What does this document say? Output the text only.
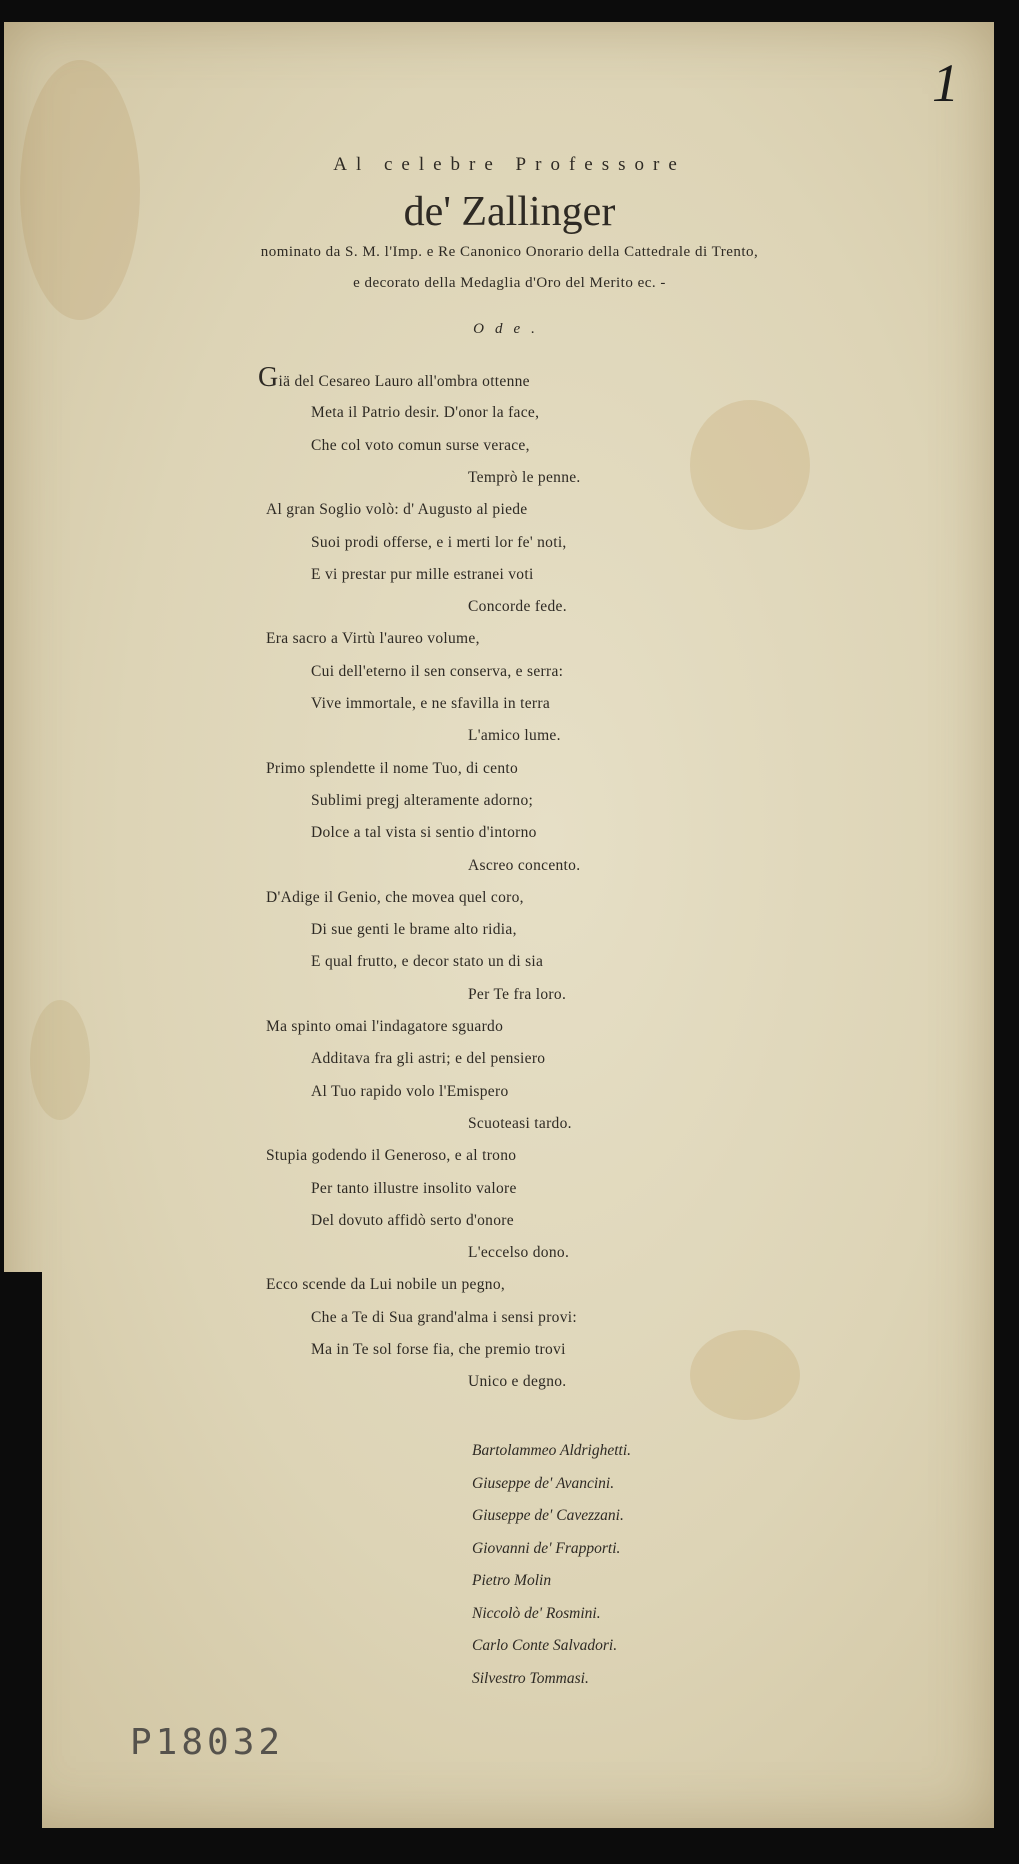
1
Al celebre Professore
de' Zallinger
nominato da S. M. l'Imp. e Re Canonico Onorario della Cattedrale di Trento,
e decorato della Medaglia d'Oro del Merito ec. -
Ode.
Giä del Cesareo Lauro all'ombra ottenne
Meta il Patrio desir. D'onor la face,
Che col voto comun surse verace,
Temprò le penne.
Al gran Soglio volò: d' Augusto al piede
Suoi prodi offerse, e i merti lor fe' noti,
E vi prestar pur mille estranei voti
Concorde fede.
Era sacro a Virtù l'aureo volume,
Cui dell'eterno il sen conserva, e serra:
Vive immortale, e ne sfavilla in terra
L'amico lume.
Primo splendette il nome Tuo, di cento
Sublimi pregj alteramente adorno;
Dolce a tal vista si sentio d'intorno
Ascreo concento.
D'Adige il Genio, che movea quel coro,
Di sue genti le brame alto ridia,
E qual frutto, e decor stato un di sia
Per Te fra loro.
Ma spinto omai l'indagatore sguardo
Additava fra gli astri; e del pensiero
Al Tuo rapido volo l'Emispero
Scuoteasi tardo.
Stupia godendo il Generoso, e al trono
Per tanto illustre insolito valore
Del dovuto affidò serto d'onore
L'eccelso dono.
Ecco scende da Lui nobile un pegno,
Che a Te di Sua grand'alma i sensi provi:
Ma in Te sol forse fia, che premio trovi
Unico e degno.
Bartolammeo Aldrighetti.
Giuseppe de' Avancini.
Giuseppe de' Cavezzani.
Giovanni de' Frapporti.
Pietro Molin
Niccolò de' Rosmini.
Carlo Conte Salvadori.
Silvestro Tommasi.
P18032
